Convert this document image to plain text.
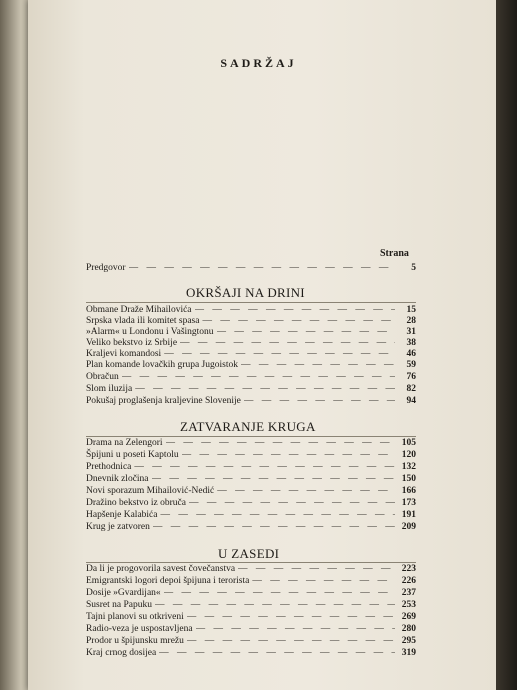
SADRŽAJ
Strana
Predgovor — — —	5
OKRŠAJI NA DRINI
Obmane Draže Mihailovića — — —	15
Srpska vlada ili komitet spasa — — —	28
»Alarm« u Londonu i Vašingtonu — — —	31
Veliko bekstvo iz Srbije — — —	38
Kraljevi komandosi — — —	46
Plan komande lovačkih grupa Jugoistok — — —	59
Obračun — — —	76
Slom iluzija — — —	82
Pokušaj proglašenja kraljevine Slovenije — — —	94
ZATVARANJE KRUGA
Drama na Zelengori — — —	105
Špijuni u poseti Kaptolu — — —	120
Prethodnica — — —	132
Dnevnik zločina — — —	150
Novi sporazum Mihailović-Nedić — — —	166
Dražino bekstvo iz obruča — — —	173
Hapšenje Kalabića — — —	191
Krug je zatvoren — — —	209
U ZASEDI
Da li je progovorila savest čovečanstva — — —	223
Emigrantski logori depoi špijuna i terorista — — —	226
Dosije »Gvardijan« — — —	237
Susret na Papuku — — —	253
Tajni planovi su otkriveni — — —	269
Radio-veza je uspostavljena — — —	280
Prodor u špijunsku mrežu — — —	295
Kraj crnog dosijea — — —	319
